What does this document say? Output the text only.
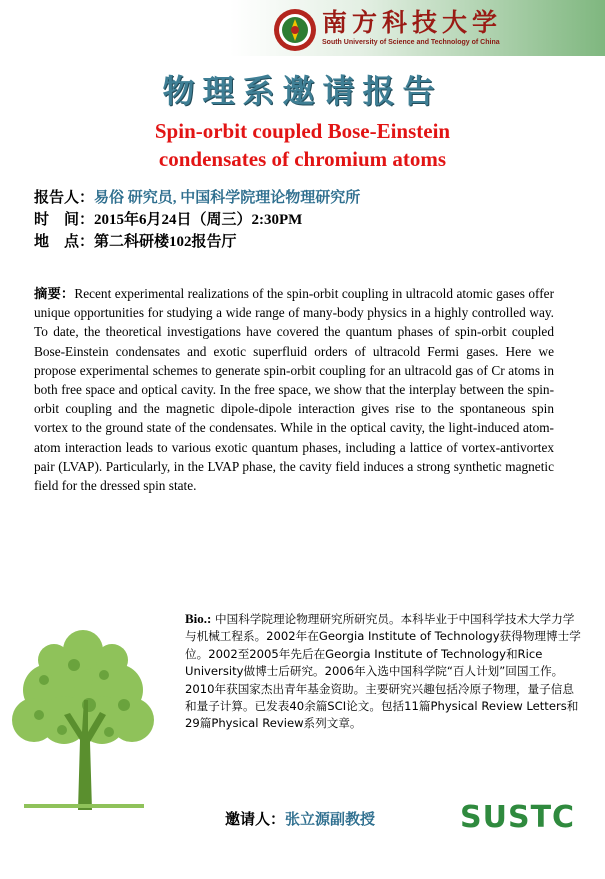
南方科技大学
South University of Science and Technology of China
物理系邀请报告
Spin-orbit coupled Bose-Einstein
condensates of chromium atoms
报告人：易俗 研究员, 中国科学院理论物理研究所
时　间：2015年6月24日（周三）2:30PM
地　点：第二科研楼102报告厅
摘要：Recent experimental realizations of the spin-orbit coupling in ultracold atomic gases offer unique opportunities for studying a wide range of many-body physics in a highly controlled way. To date, the theoretical investigations have covered the quantum phases of spin-orbit coupled Bose-Einstein condensates and exotic superfluid orders of ultracold Fermi gases. Here we propose experimental schemes to generate spin-orbit coupling for an ultracold gas of Cr atoms in both free space and optical cavity. In the free space, we show that the interplay between the spin-orbit coupling and the magnetic dipole-dipole interaction gives rise to the spontaneous spin vortex to the ground state of the condensates. While in the optical cavity, the light-induced atom-atom interaction leads to various exotic quantum phases, including a lattice of vortex-antivortex pair (LVAP). Particularly, in the LVAP phase, the cavity field induces a strong synthetic magnetic field for the dressed spin state.
Bio.: 中国科学院理论物理研究所研究员。本科毕业于中国科学技术大学力学与机械工程系。2002年在Georgia Institute of Technology获得物理博士学位。2002至2005年先后在Georgia Institute of Technology和Rice University做博士后研究。2006年入选中国科学院“百人计划”回国工作。2010年获国家杰出青年基金资助。主要研究兴趣包括冷原子物理，量子信息和量子计算。已发表40余篇SCI论文。包括11篇Physical Review Letters和29篇Physical Review系列文章。
邀请人：张立源副教授	SUSTC
